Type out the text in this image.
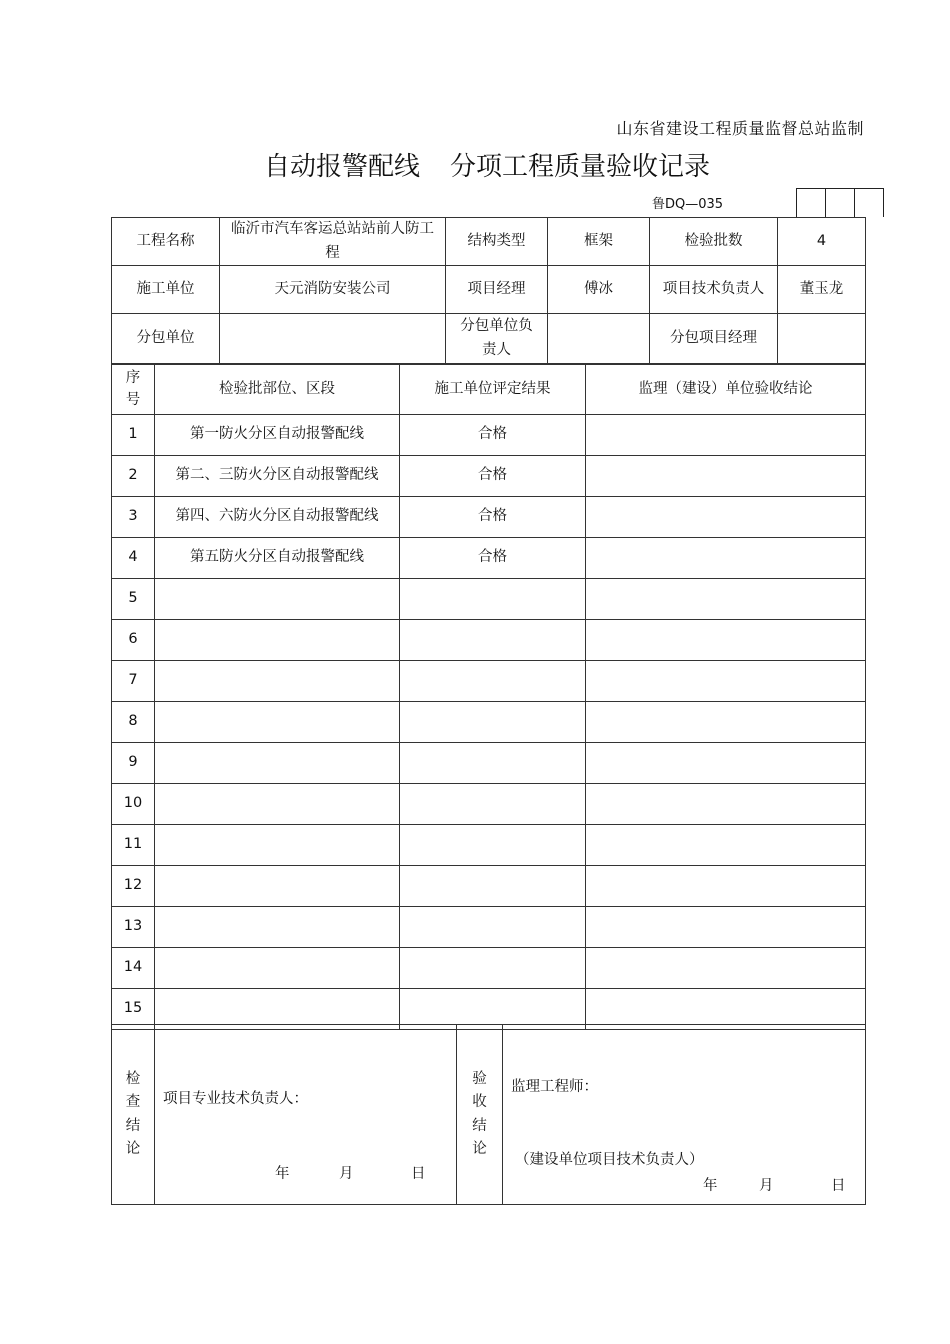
山东省建设工程质量监督总站监制
自动报警配线 分项工程质量验收记录
鲁DQ—035
工程名称	临沂市汽车客运总站站前人防工程	结构类型	框架	检验批数	4
施工单位	天元消防安装公司	项目经理	傅冰	项目技术负责人	董玉龙
分包单位		分包单位负责人		分包项目经理	
序号	检验批部位、区段	施工单位评定结果	监理（建设）单位验收结论
1	第一防火分区自动报警配线	合格	
2	第二、三防火分区自动报警配线	合格	
3	第四、六防火分区自动报警配线	合格	
4	第五防火分区自动报警配线	合格	
5			
6			
7			
8			
9			
10			
11			
12			
13			
14			
15			
检
查
结
论

项目专业技术负责人：
年	月	日

验
收
结
论

监理工程师：
（建设单位项目技术负责人）
年	月	日
